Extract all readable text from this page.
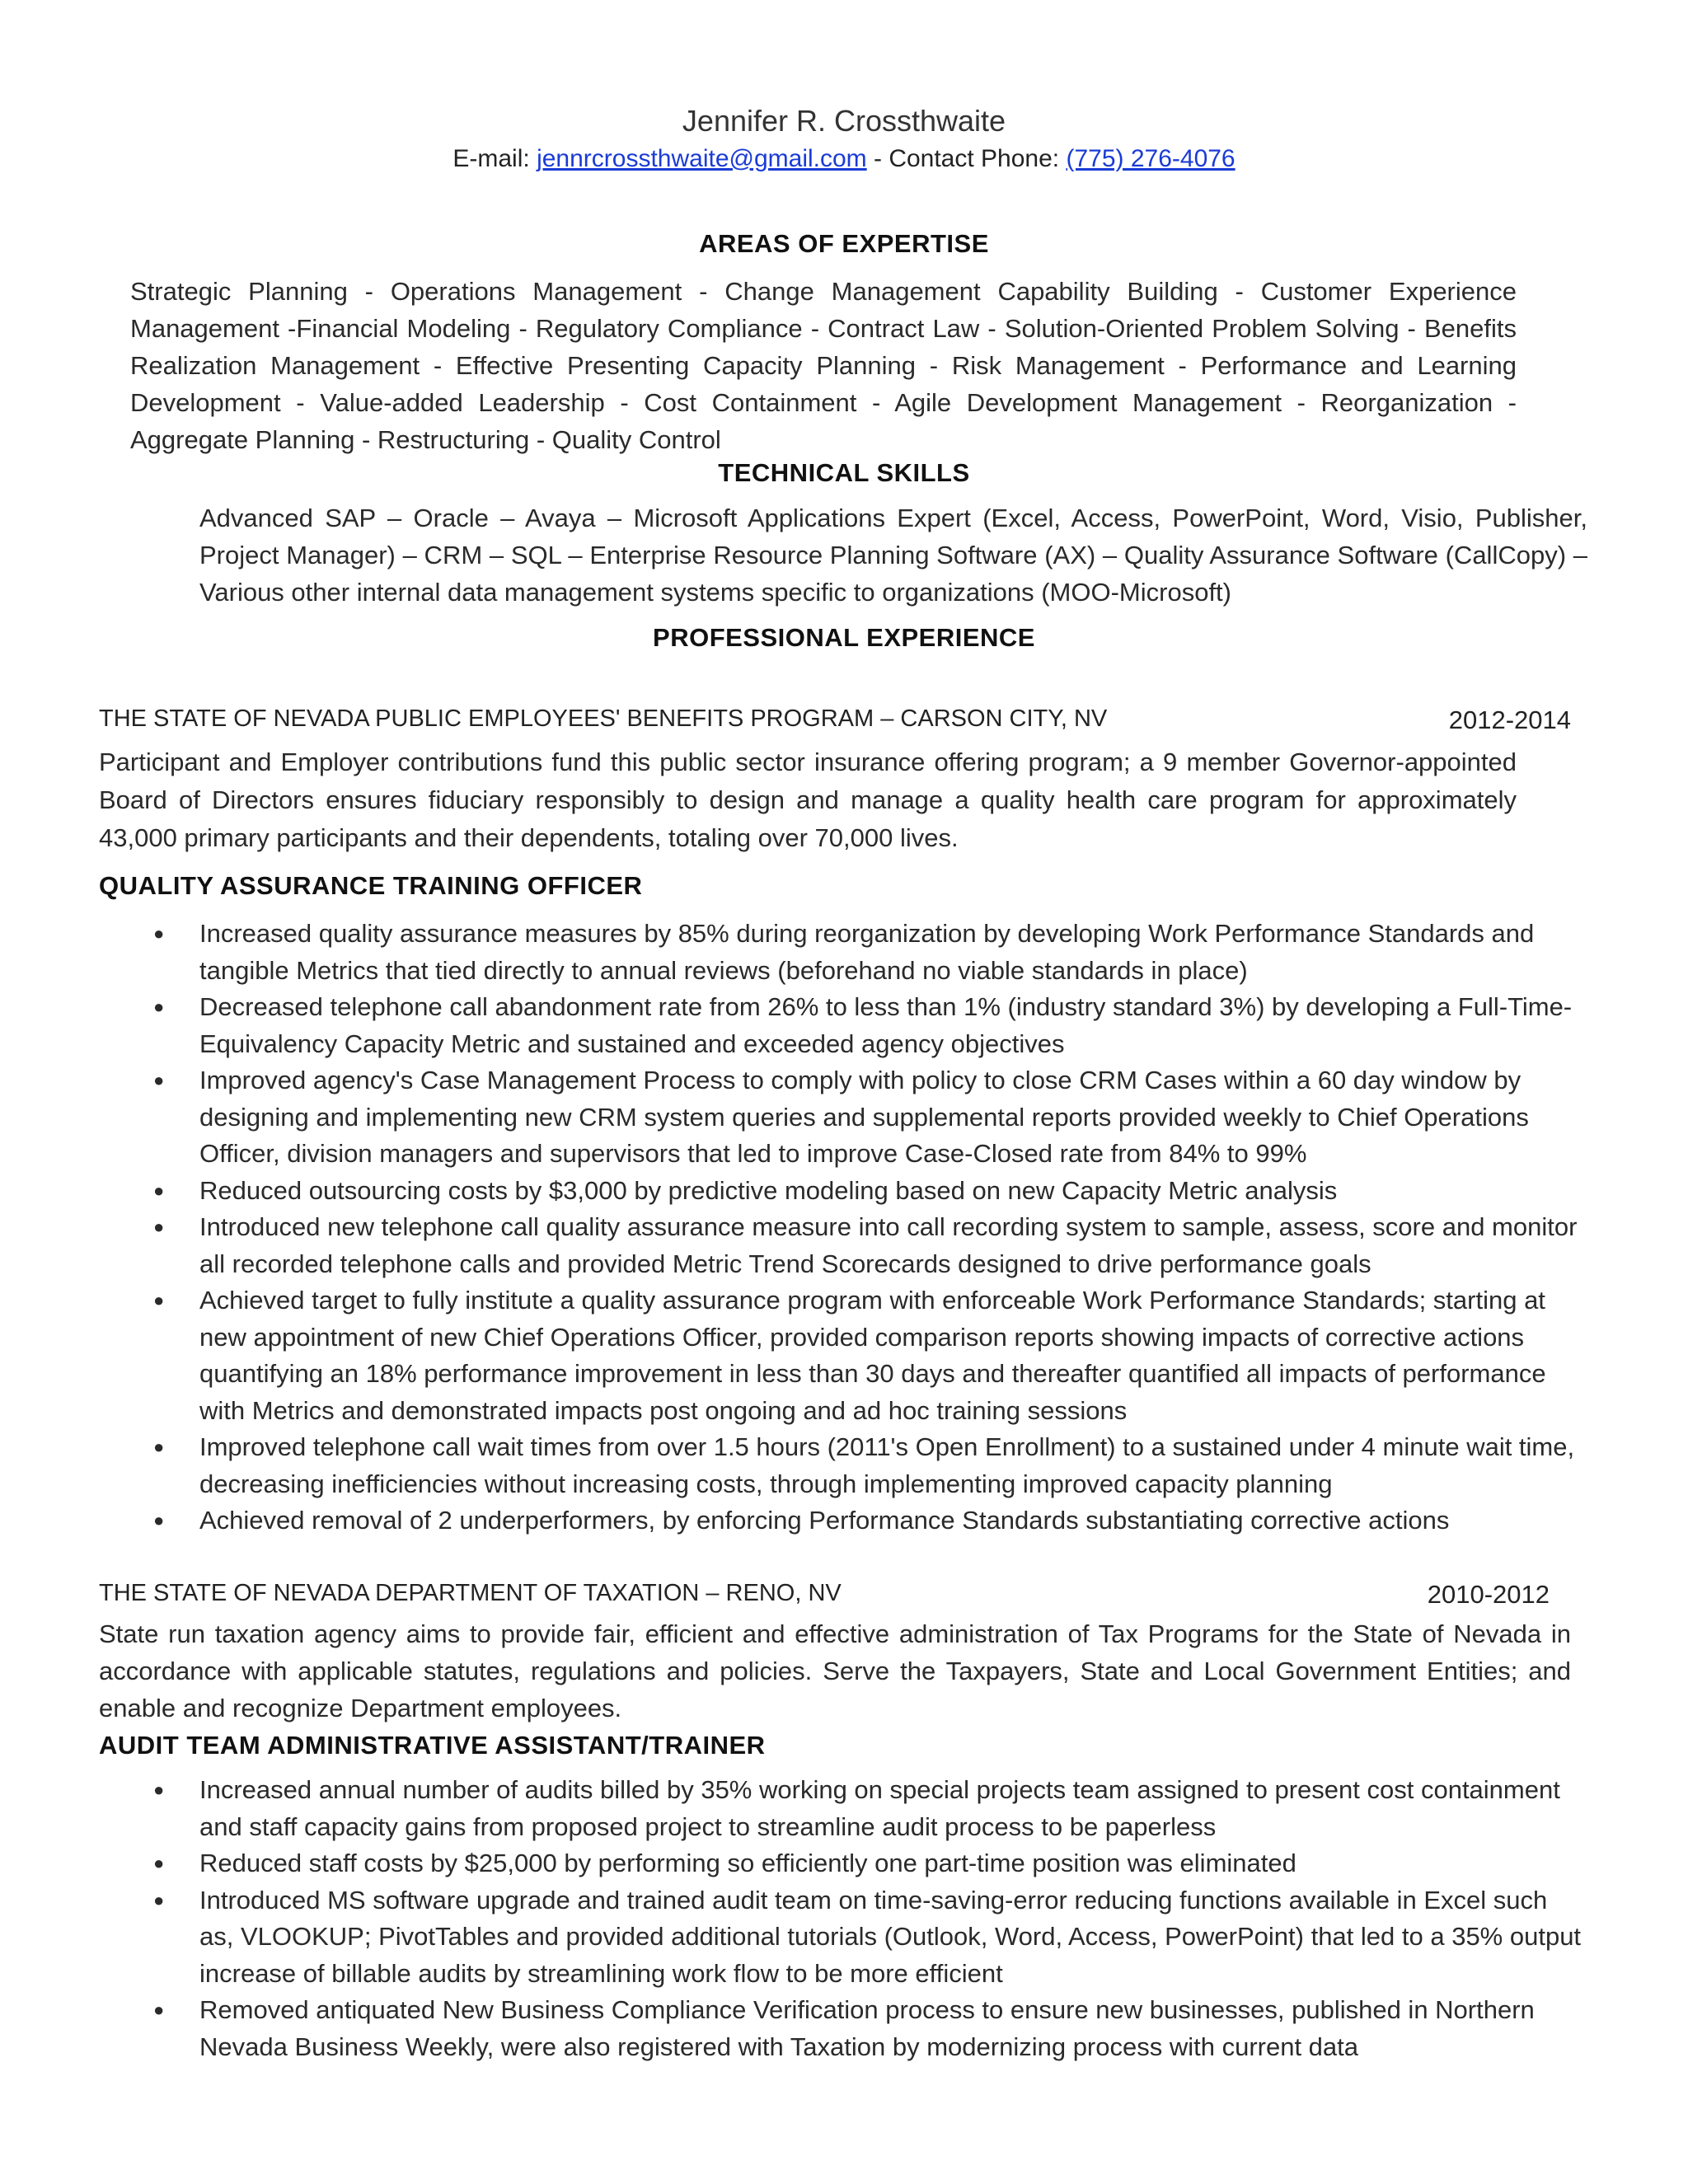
Jennifer R. Crossthwaite
E-mail: jennrcrossthwaite@gmail.com - Contact Phone: (775) 276-4076
AREAS OF EXPERTISE
Strategic Planning - Operations Management - Change Management Capability Building - Customer Experience Management -Financial Modeling - Regulatory Compliance - Contract Law - Solution-Oriented Problem Solving - Benefits Realization Management - Effective Presenting Capacity Planning - Risk Management - Performance and Learning Development - Value-added Leadership - Cost Containment - Agile Development Management - Reorganization - Aggregate Planning - Restructuring - Quality Control
TECHNICAL SKILLS
Advanced SAP – Oracle – Avaya – Microsoft Applications Expert (Excel, Access, PowerPoint, Word, Visio, Publisher, Project Manager) – CRM – SQL – Enterprise Resource Planning Software (AX) – Quality Assurance Software (CallCopy) – Various other internal data management systems specific to organizations (MOO-Microsoft)
PROFESSIONAL EXPERIENCE
THE STATE OF NEVADA PUBLIC EMPLOYEES' BENEFITS PROGRAM – CARSON CITY, NV	2012-2014
Participant and Employer contributions fund this public sector insurance offering program; a 9 member Governor-appointed Board of Directors ensures fiduciary responsibly to design and manage a quality health care program for approximately 43,000 primary participants and their dependents, totaling over 70,000 lives.
QUALITY ASSURANCE TRAINING OFFICER
● Increased quality assurance measures by 85% during reorganization by developing Work Performance Standards and tangible Metrics that tied directly to annual reviews (beforehand no viable standards in place)
● Decreased telephone call abandonment rate from 26% to less than 1% (industry standard 3%) by developing a Full-Time-Equivalency Capacity Metric and sustained and exceeded agency objectives
● Improved agency's Case Management Process to comply with policy to close CRM Cases within a 60 day window by designing and implementing new CRM system queries and supplemental reports provided weekly to Chief Operations Officer, division managers and supervisors that led to improve Case-Closed rate from 84% to 99%
● Reduced outsourcing costs by $3,000 by predictive modeling based on new Capacity Metric analysis
● Introduced new telephone call quality assurance measure into call recording system to sample, assess, score and monitor all recorded telephone calls and provided Metric Trend Scorecards designed to drive performance goals
● Achieved target to fully institute a quality assurance program with enforceable Work Performance Standards; starting at new appointment of new Chief Operations Officer, provided comparison reports showing impacts of corrective actions quantifying an 18% performance improvement in less than 30 days and thereafter quantified all impacts of performance with Metrics and demonstrated impacts post ongoing and ad hoc training sessions
● Improved telephone call wait times from over 1.5 hours (2011's Open Enrollment) to a sustained under 4 minute wait time, decreasing inefficiencies without increasing costs, through implementing improved capacity planning
● Achieved removal of 2 underperformers, by enforcing Performance Standards substantiating corrective actions
THE STATE OF NEVADA DEPARTMENT OF TAXATION – RENO, NV	2010-2012
State run taxation agency aims to provide fair, efficient and effective administration of Tax Programs for the State of Nevada in accordance with applicable statutes, regulations and policies. Serve the Taxpayers, State and Local Government Entities; and enable and recognize Department employees.
AUDIT TEAM ADMINISTRATIVE ASSISTANT/TRAINER
● Increased annual number of audits billed by 35% working on special projects team assigned to present cost containment and staff capacity gains from proposed project to streamline audit process to be paperless
● Reduced staff costs by $25,000 by performing so efficiently one part-time position was eliminated
● Introduced MS software upgrade and trained audit team on time-saving-error reducing functions available in Excel such as, VLOOKUP; PivotTables and provided additional tutorials (Outlook, Word, Access, PowerPoint) that led to a 35% output increase of billable audits by streamlining work flow to be more efficient
● Removed antiquated New Business Compliance Verification process to ensure new businesses, published in Northern Nevada Business Weekly, were also registered with Taxation by modernizing process with current data
